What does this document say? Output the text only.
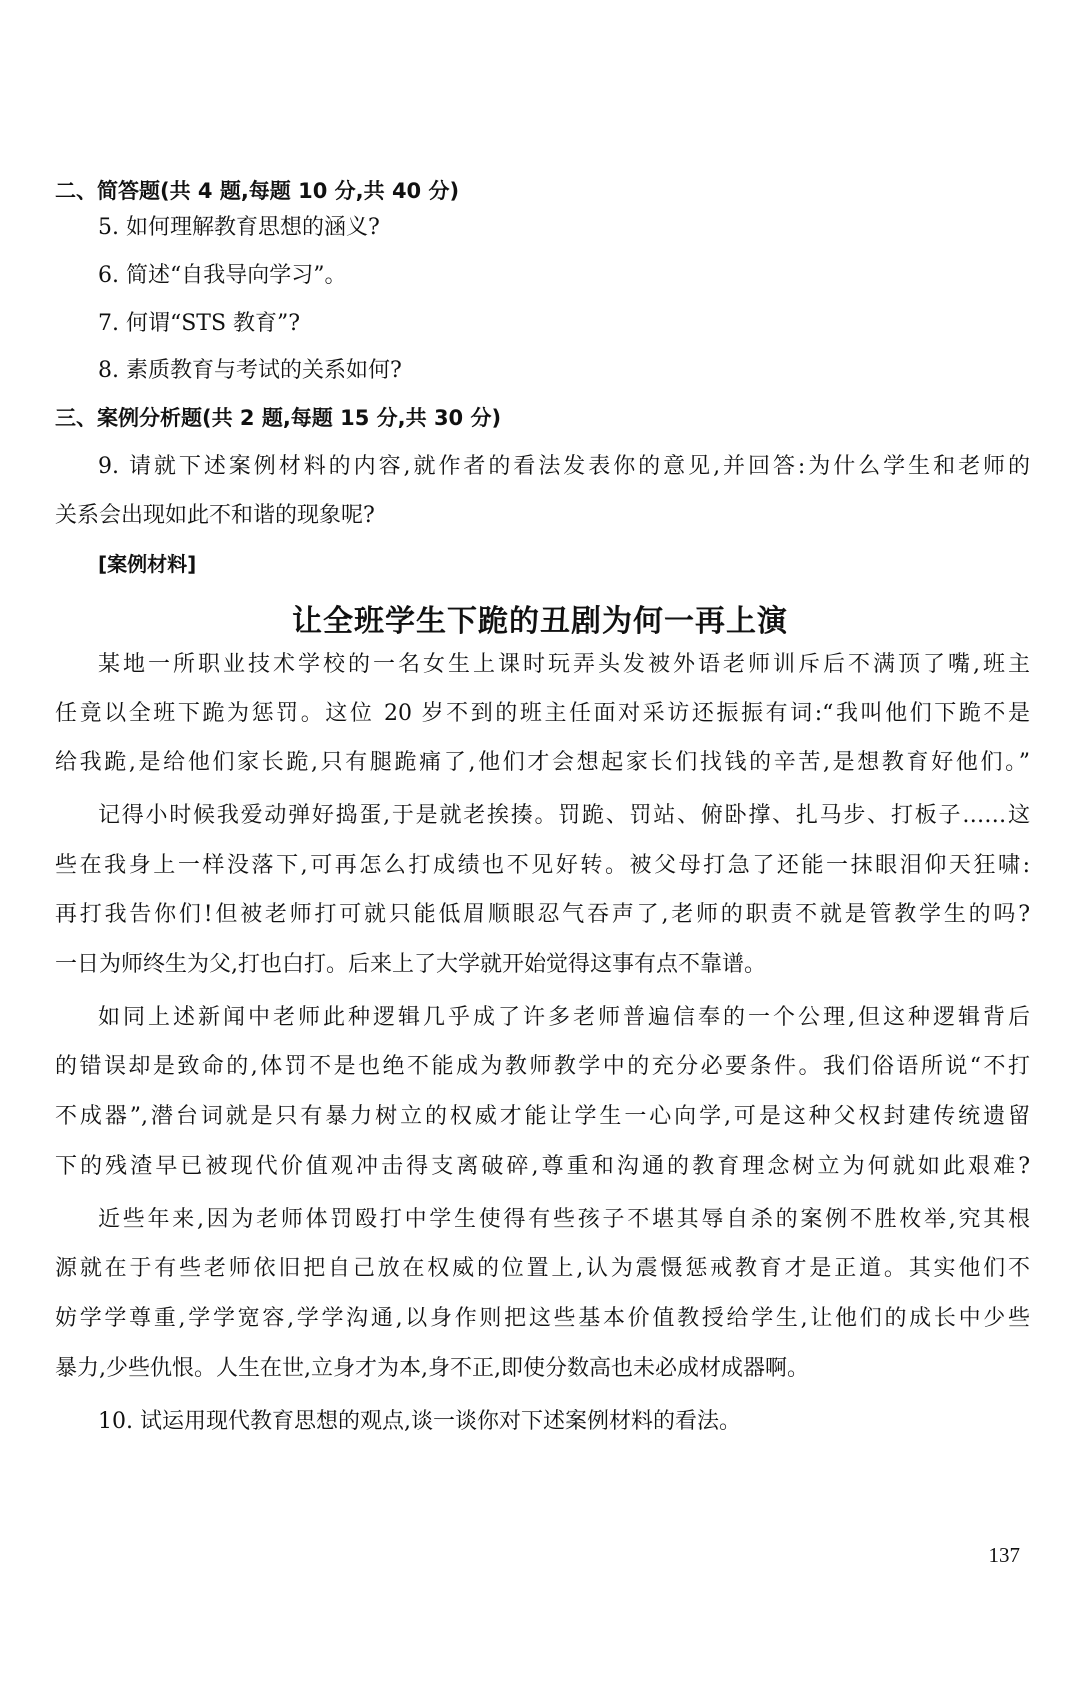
二、简答题(共 4 题,每题 10 分,共 40 分)
5. 如何理解教育思想的涵义?
6. 简述“自我导向学习”。
7. 何谓“STS 教育”?
8. 素质教育与考试的关系如何?
三、案例分析题(共 2 题,每题 15 分,共 30 分)
9. 请就下述案例材料的内容,就作者的看法发表你的意见,并回答:为什么学生和老师的
关系会出现如此不和谐的现象呢?
[案例材料]
让全班学生下跪的丑剧为何一再上演
某地一所职业技术学校的一名女生上课时玩弄头发被外语老师训斥后不满顶了嘴,班主
任竟以全班下跪为惩罚。这位 20 岁不到的班主任面对采访还振振有词:“我叫他们下跪不是
给我跪,是给他们家长跪,只有腿跪痛了,他们才会想起家长们找钱的辛苦,是想教育好他们。”
记得小时候我爱动弹好捣蛋,于是就老挨揍。罚跪、罚站、俯卧撑、扎马步、打板子……这
些在我身上一样没落下,可再怎么打成绩也不见好转。被父母打急了还能一抹眼泪仰天狂啸:
再打我告你们!但被老师打可就只能低眉顺眼忍气吞声了,老师的职责不就是管教学生的吗?
一日为师终生为父,打也白打。后来上了大学就开始觉得这事有点不靠谱。
如同上述新闻中老师此种逻辑几乎成了许多老师普遍信奉的一个公理,但这种逻辑背后
的错误却是致命的,体罚不是也绝不能成为教师教学中的充分必要条件。我们俗语所说“不打
不成器”,潜台词就是只有暴力树立的权威才能让学生一心向学,可是这种父权封建传统遗留
下的残渣早已被现代价值观冲击得支离破碎,尊重和沟通的教育理念树立为何就如此艰难?
近些年来,因为老师体罚殴打中学生使得有些孩子不堪其辱自杀的案例不胜枚举,究其根
源就在于有些老师依旧把自己放在权威的位置上,认为震慑惩戒教育才是正道。其实他们不
妨学学尊重,学学宽容,学学沟通,以身作则把这些基本价值教授给学生,让他们的成长中少些
暴力,少些仇恨。人生在世,立身才为本,身不正,即使分数高也未必成材成器啊。
10. 试运用现代教育思想的观点,谈一谈你对下述案例材料的看法。
137
